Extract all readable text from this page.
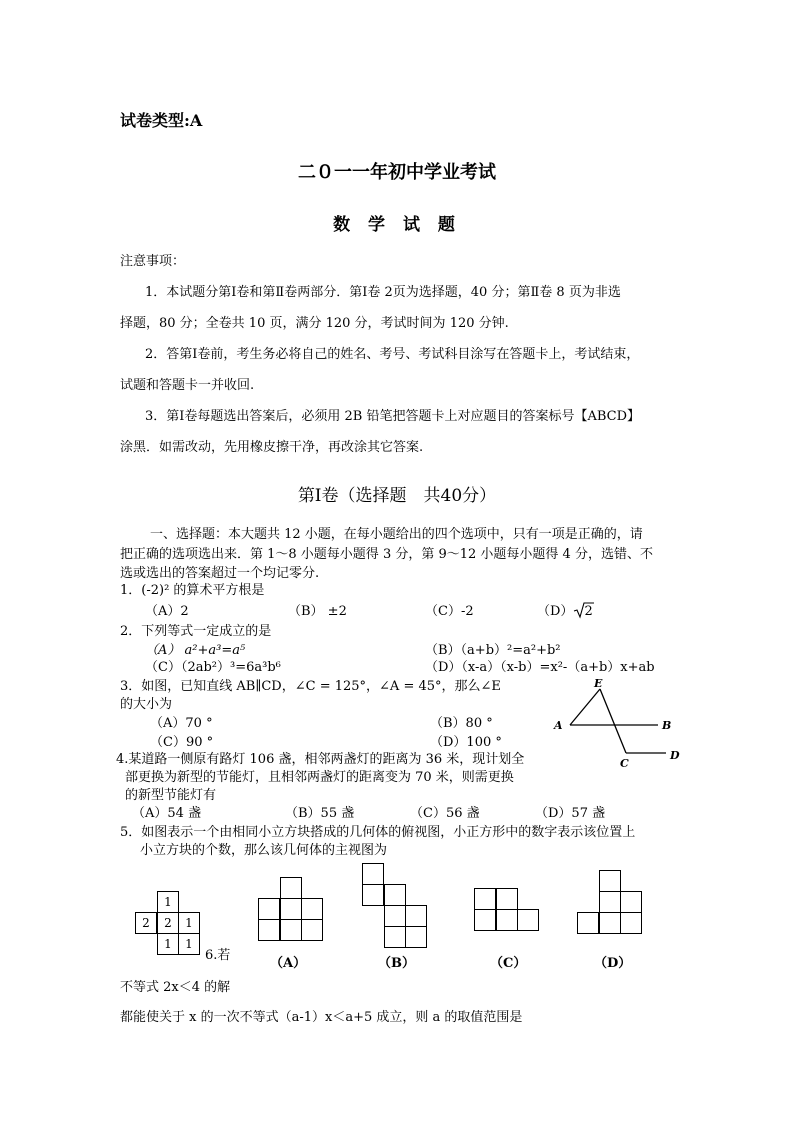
试卷类型:A
二０一一年初中学业考试
数 学 试 题
注意事项：
1．本试题分第Ⅰ卷和第Ⅱ卷两部分．第Ⅰ卷 2页为选择题，40 分；第Ⅱ卷 8 页为非选
择题，80 分；全卷共 10 页，满分 120 分，考试时间为 120 分钟.
2．答第Ⅰ卷前，考生务必将自己的姓名、考号、考试科目涂写在答题卡上，考试结束，
试题和答题卡一并收回.
3．第Ⅰ卷每题选出答案后，必须用 2B 铅笔把答题卡上对应题目的答案标号【ABCD】
涂黑．如需改动，先用橡皮擦干净，再改涂其它答案.
第Ⅰ卷（选择题　共40分）
一、选择题：本大题共 12 小题，在每小题给出的四个选项中，只有一项是正确的，请
把正确的选项选出来．第 1～8 小题每小题得 3 分，第 9～12 小题每小题得 4 分，选错、不
选或选出的答案超过一个均记零分.
1．(-2)² 的算术平方根是
（A）2	（B） ±2	（C）-2	（D） 2
2．下列等式一定成立的是
（A） a²+a³=a⁵	（B）（a+b）²=a²+b²
（C）（2ab²）³=6a³b⁶	（D）（x-a）（x-b）=x²-（a+b）x+ab
3．如图，已知直线 AB∥CD，∠C = 125°，∠A = 45°，那么∠E
的大小为
（A）70 °	（B）80 °
（C）90 °	（D）100 °
E
A	B
C
D
4.某道路一侧原有路灯 106 盏，相邻两盏灯的距离为 36 米，现计划全
部更换为新型的节能灯，且相邻两盏灯的距离变为 70 米，则需更换
的新型节能灯有
（A）54 盏	（B）55 盏	（C）56 盏	（D）57 盏
5．如图表示一个由相同小立方块搭成的几何体的俯视图，小正方形中的数字表示该位置上
小立方块的个数，那么该几何体的主视图为
1
2	2	1
1	1
（A）	（B）	（C）	（D）
6.若
不等式 2x＜4 的解
都能使关于 x 的一次不等式（a-1）x＜a+5 成立，则 a 的取值范围是
